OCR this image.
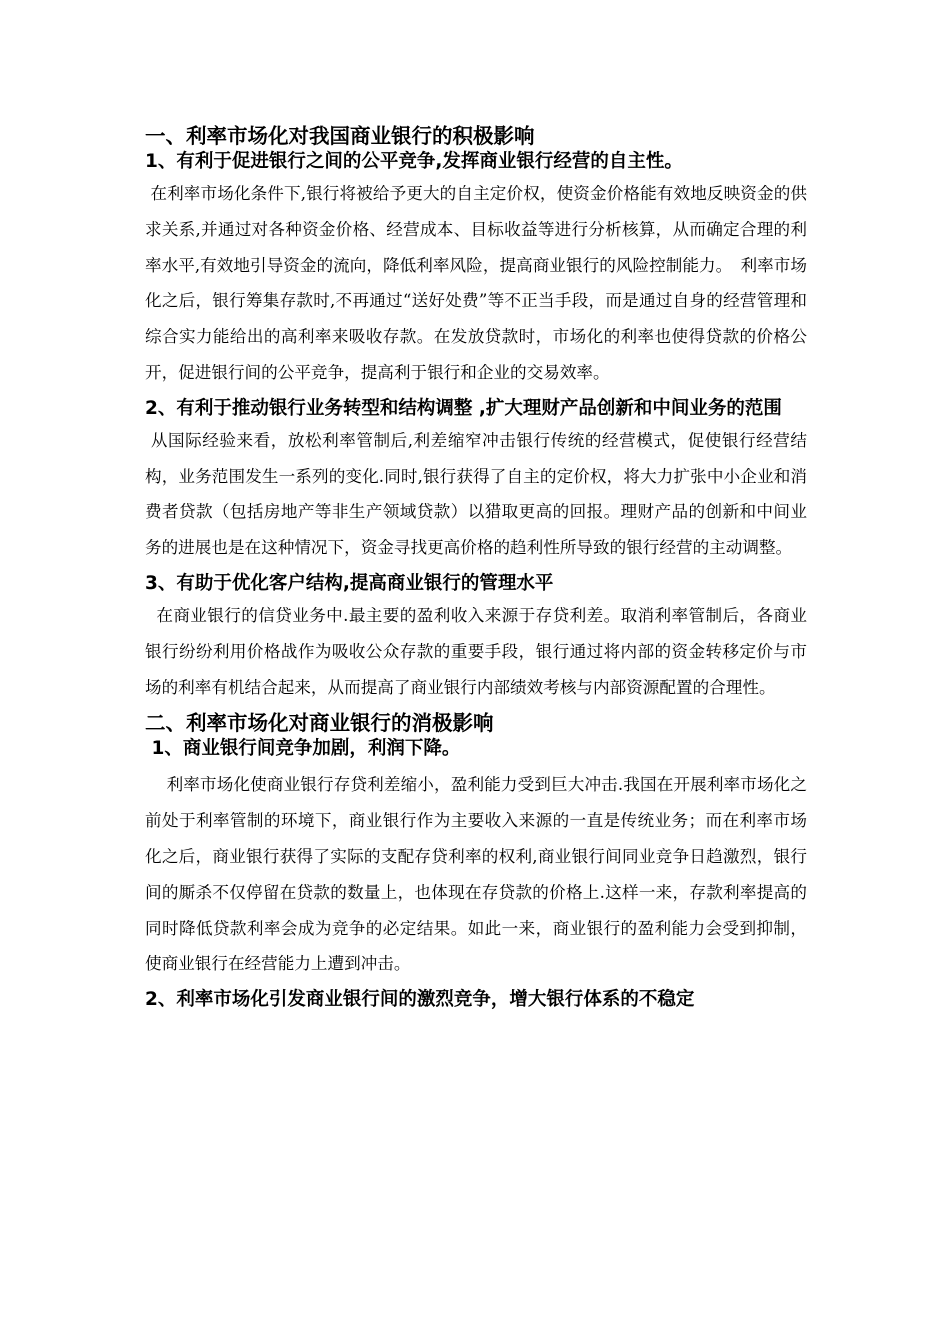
一、利率市场化对我国商业银行的积极影响
1、有利于促进银行之间的公平竞争,发挥商业银行经营的自主性。
在利率市场化条件下,银行将被给予更大的自主定价权，使资金价格能有效地反映资金的供求关系,并通过对各种资金价格、经营成本、目标收益等进行分析核算，从而确定合理的利率水平,有效地引导资金的流向，降低利率风险，提高商业银行的风险控制能力。　利率市场化之后，银行筹集存款时,不再通过“送好处费”等不正当手段，而是通过自身的经营管理和综合实力能给出的高利率来吸收存款。在发放贷款时，市场化的利率也使得贷款的价格公开，促进银行间的公平竞争，提高利于银行和企业的交易效率。
2、有利于推动银行业务转型和结构调整 ,扩大理财产品创新和中间业务的范围
从国际经验来看，放松利率管制后,利差缩窄冲击银行传统的经营模式，促使银行经营结构，业务范围发生一系列的变化.同时,银行获得了自主的定价权，将大力扩张中小企业和消费者贷款（包括房地产等非生产领域贷款）以猎取更高的回报。理财产品的创新和中间业务的进展也是在这种情况下，资金寻找更高价格的趋利性所导致的银行经营的主动调整。
3、有助于优化客户结构,提高商业银行的管理水平
在商业银行的信贷业务中.最主要的盈利收入来源于存贷利差。取消利率管制后，各商业银行纷纷利用价格战作为吸收公众存款的重要手段，银行通过将内部的资金转移定价与市场的利率有机结合起来，从而提高了商业银行内部绩效考核与内部资源配置的合理性。
二、利率市场化对商业银行的消极影响
1、商业银行间竞争加剧，利润下降。
利率市场化使商业银行存贷利差缩小，盈利能力受到巨大冲击.我国在开展利率市场化之前处于利率管制的环境下，商业银行作为主要收入来源的一直是传统业务；而在利率市场化之后，商业银行获得了实际的支配存贷利率的权利,商业银行间同业竞争日趋激烈，银行间的厮杀不仅停留在贷款的数量上，也体现在存贷款的价格上.这样一来，存款利率提高的同时降低贷款利率会成为竞争的必定结果。如此一来，商业银行的盈利能力会受到抑制，使商业银行在经营能力上遭到冲击。
2、利率市场化引发商业银行间的激烈竞争，增大银行体系的不稳定
